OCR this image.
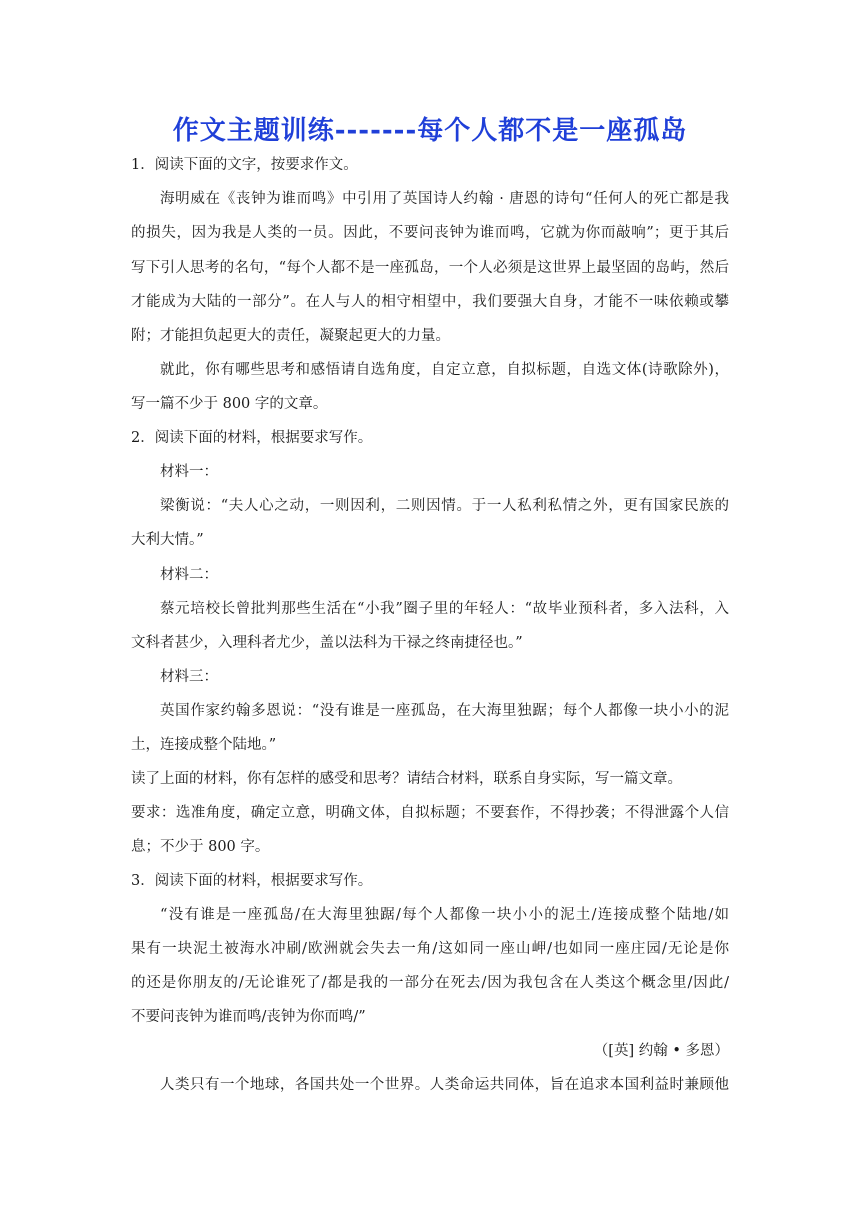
作文主题训练-------每个人都不是一座孤岛
1．阅读下面的文字，按要求作文。
海明威在《丧钟为谁而鸣》中引用了英国诗人约翰 · 唐恩的诗句“任何人的死亡都是我
的损失，因为我是人类的一员。因此，不要问丧钟为谁而鸣，它就为你而敲响”；更于其后
写下引人思考的名句，“每个人都不是一座孤岛，一个人必须是这世界上最坚固的岛屿，然后
才能成为大陆的一部分”。在人与人的相守相望中，我们要强大自身，才能不一味依赖或攀
附；才能担负起更大的责任，凝聚起更大的力量。
就此，你有哪些思考和感悟请自选角度，自定立意，自拟标题，自选文体(诗歌除外)，
写一篇不少于 800 字的文章。
2．阅读下面的材料，根据要求写作。
材料一：
梁衡说：“夫人心之动，一则因利，二则因情。于一人私利私情之外，更有国家民族的
大利大情。”
材料二：
蔡元培校长曾批判那些生活在“小我”圈子里的年轻人：“故毕业预科者，多入法科，入
文科者甚少，入理科者尤少，盖以法科为干禄之终南捷径也。”
材料三：
英国作家约翰多恩说：“没有谁是一座孤岛，在大海里独踞；每个人都像一块小小的泥
土，连接成整个陆地。”
读了上面的材料，你有怎样的感受和思考？请结合材料，联系自身实际，写一篇文章。
要求：选准角度，确定立意，明确文体，自拟标题；不要套作，不得抄袭；不得泄露个人信
息；不少于 800 字。
3．阅读下面的材料，根据要求写作。
“没有谁是一座孤岛/在大海里独踞/每个人都像一块小小的泥土/连接成整个陆地/如
果有一块泥土被海水冲刷/欧洲就会失去一角/这如同一座山岬/也如同一座庄园/无论是你
的还是你朋友的/无论谁死了/都是我的一部分在死去/因为我包含在人类这个概念里/因此/
不要问丧钟为谁而鸣/丧钟为你而鸣/”
（[英] 约翰 • 多恩）
人类只有一个地球，各国共处一个世界。人类命运共同体，旨在追求本国利益时兼顾他
